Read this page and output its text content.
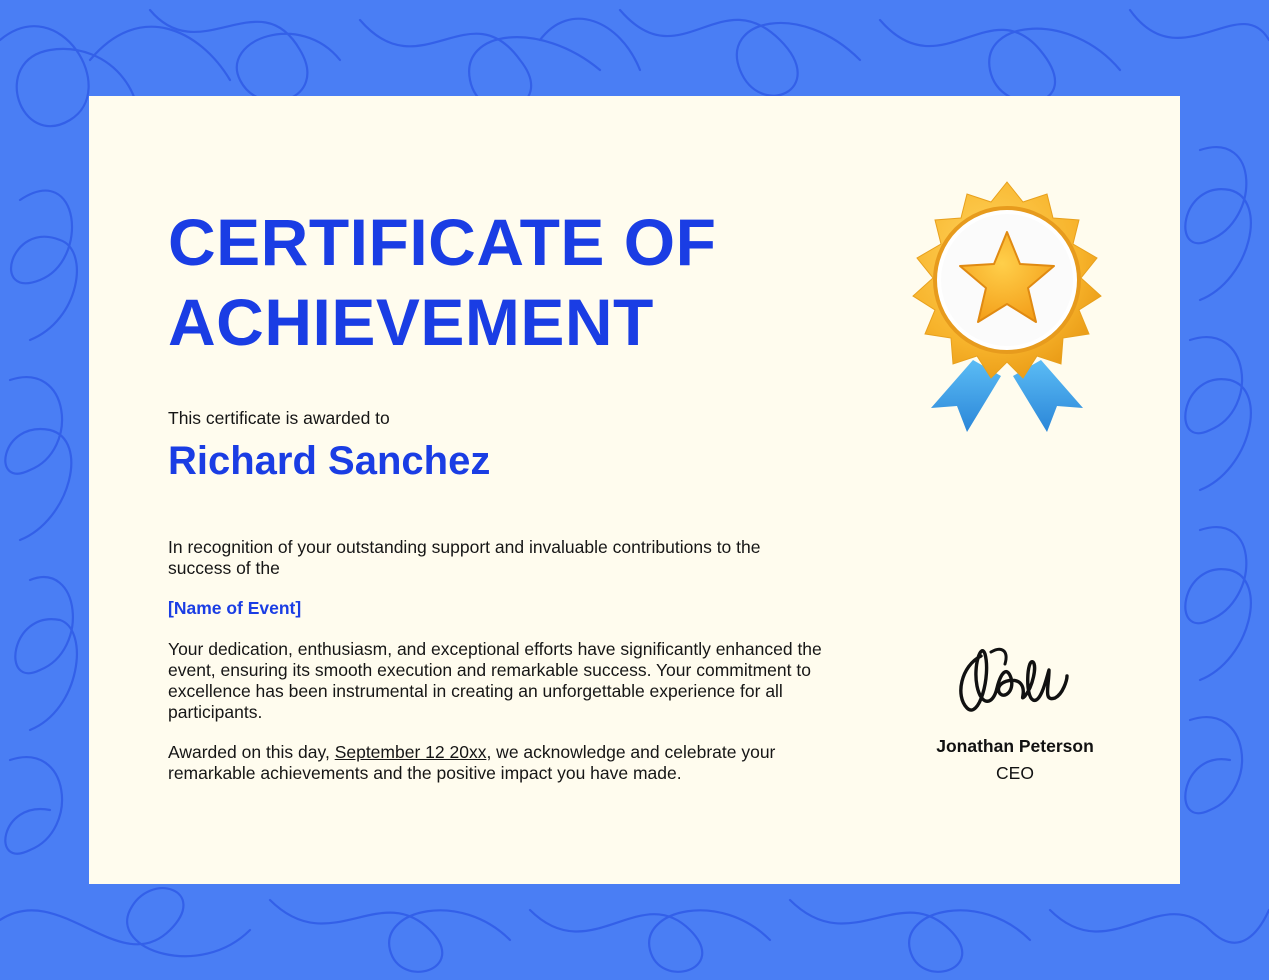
CERTIFICATE OF
ACHIEVEMENT
This certificate is awarded to
Richard Sanchez

In recognition of your outstanding support and invaluable contributions to the success of the

[Name of Event]

Your dedication, enthusiasm, and exceptional efforts have significantly enhanced the event, ensuring its smooth execution and remarkable success. Your commitment to excellence has been instrumental in creating an unforgettable experience for all participants.

Awarded on this day, September 12 20xx, we acknowledge and celebrate your remarkable achievements and the positive impact you have made.

Jonathan Peterson
CEO
